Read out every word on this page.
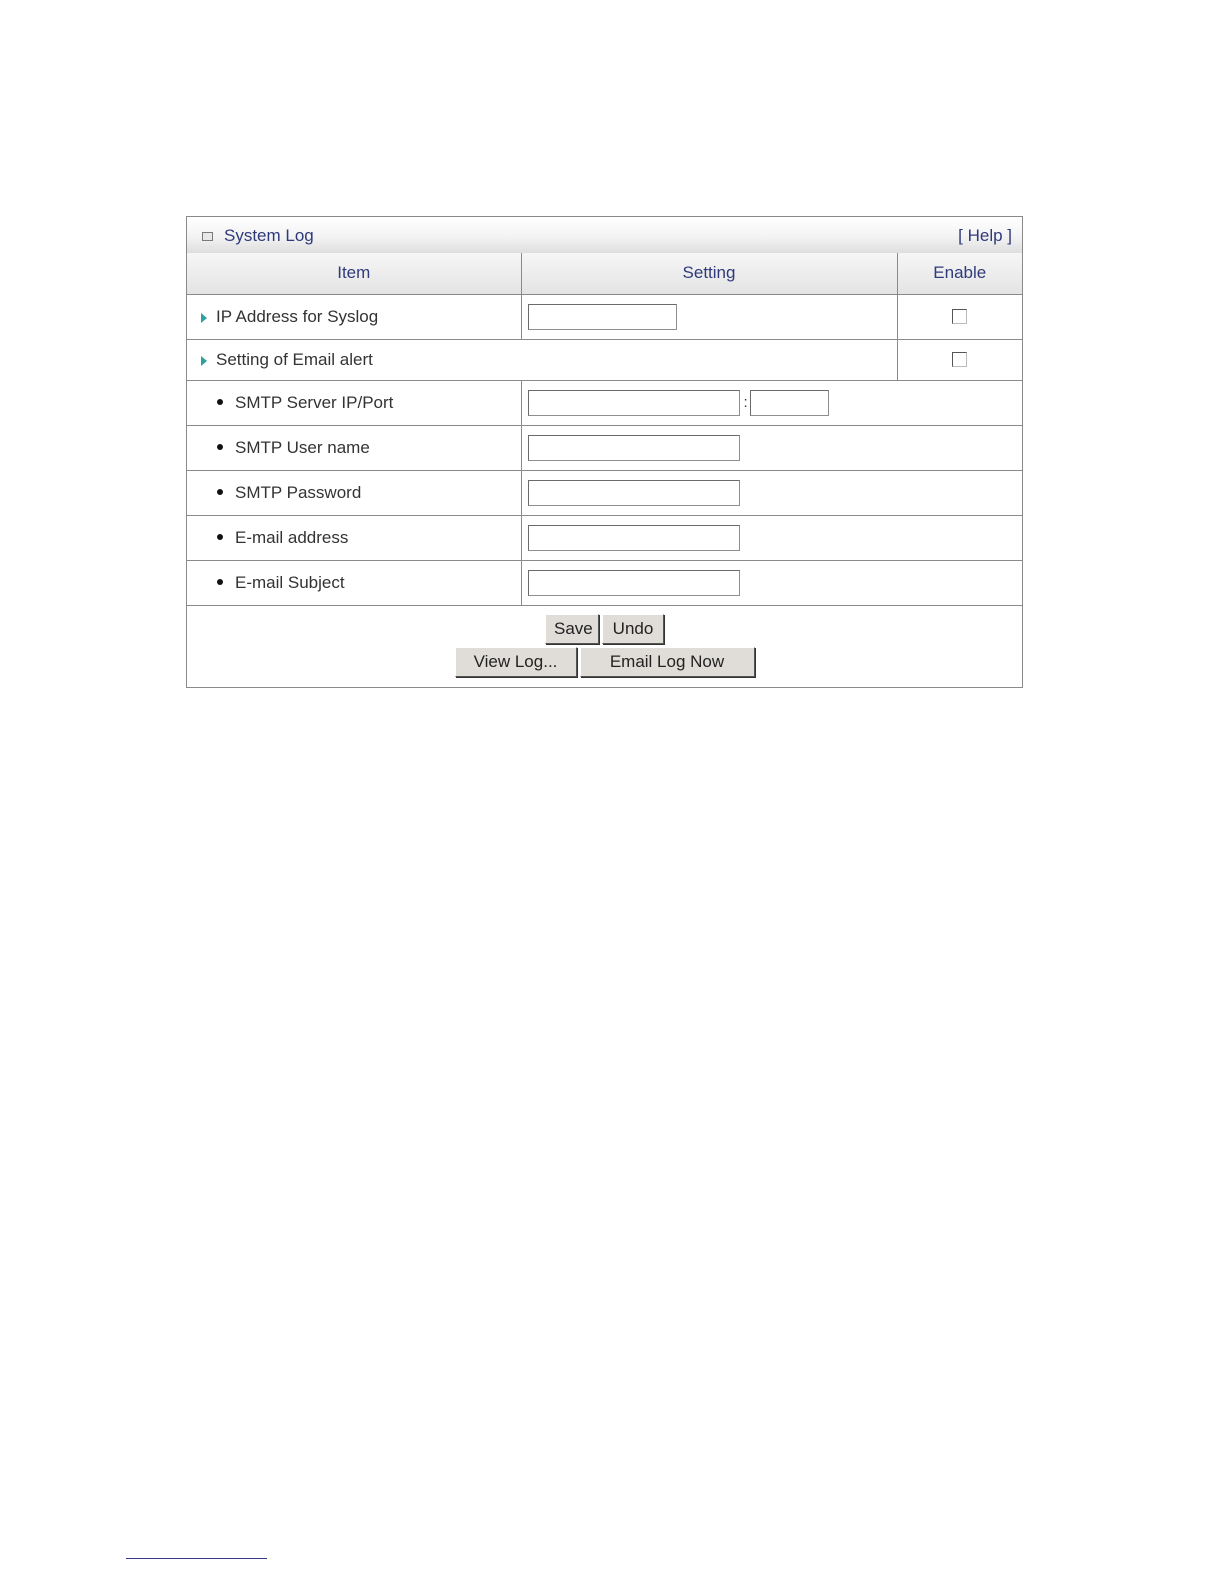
System Log	[ Help ]
Item	Setting	Enable
IP Address for Syslog		

Setting of Email alert		

SMTP Server IP/Port	:	
SMTP User name	
SMTP Password	
E-mail address	
E-mail Subject	

Save Undo
View Log... Email Log Now		
